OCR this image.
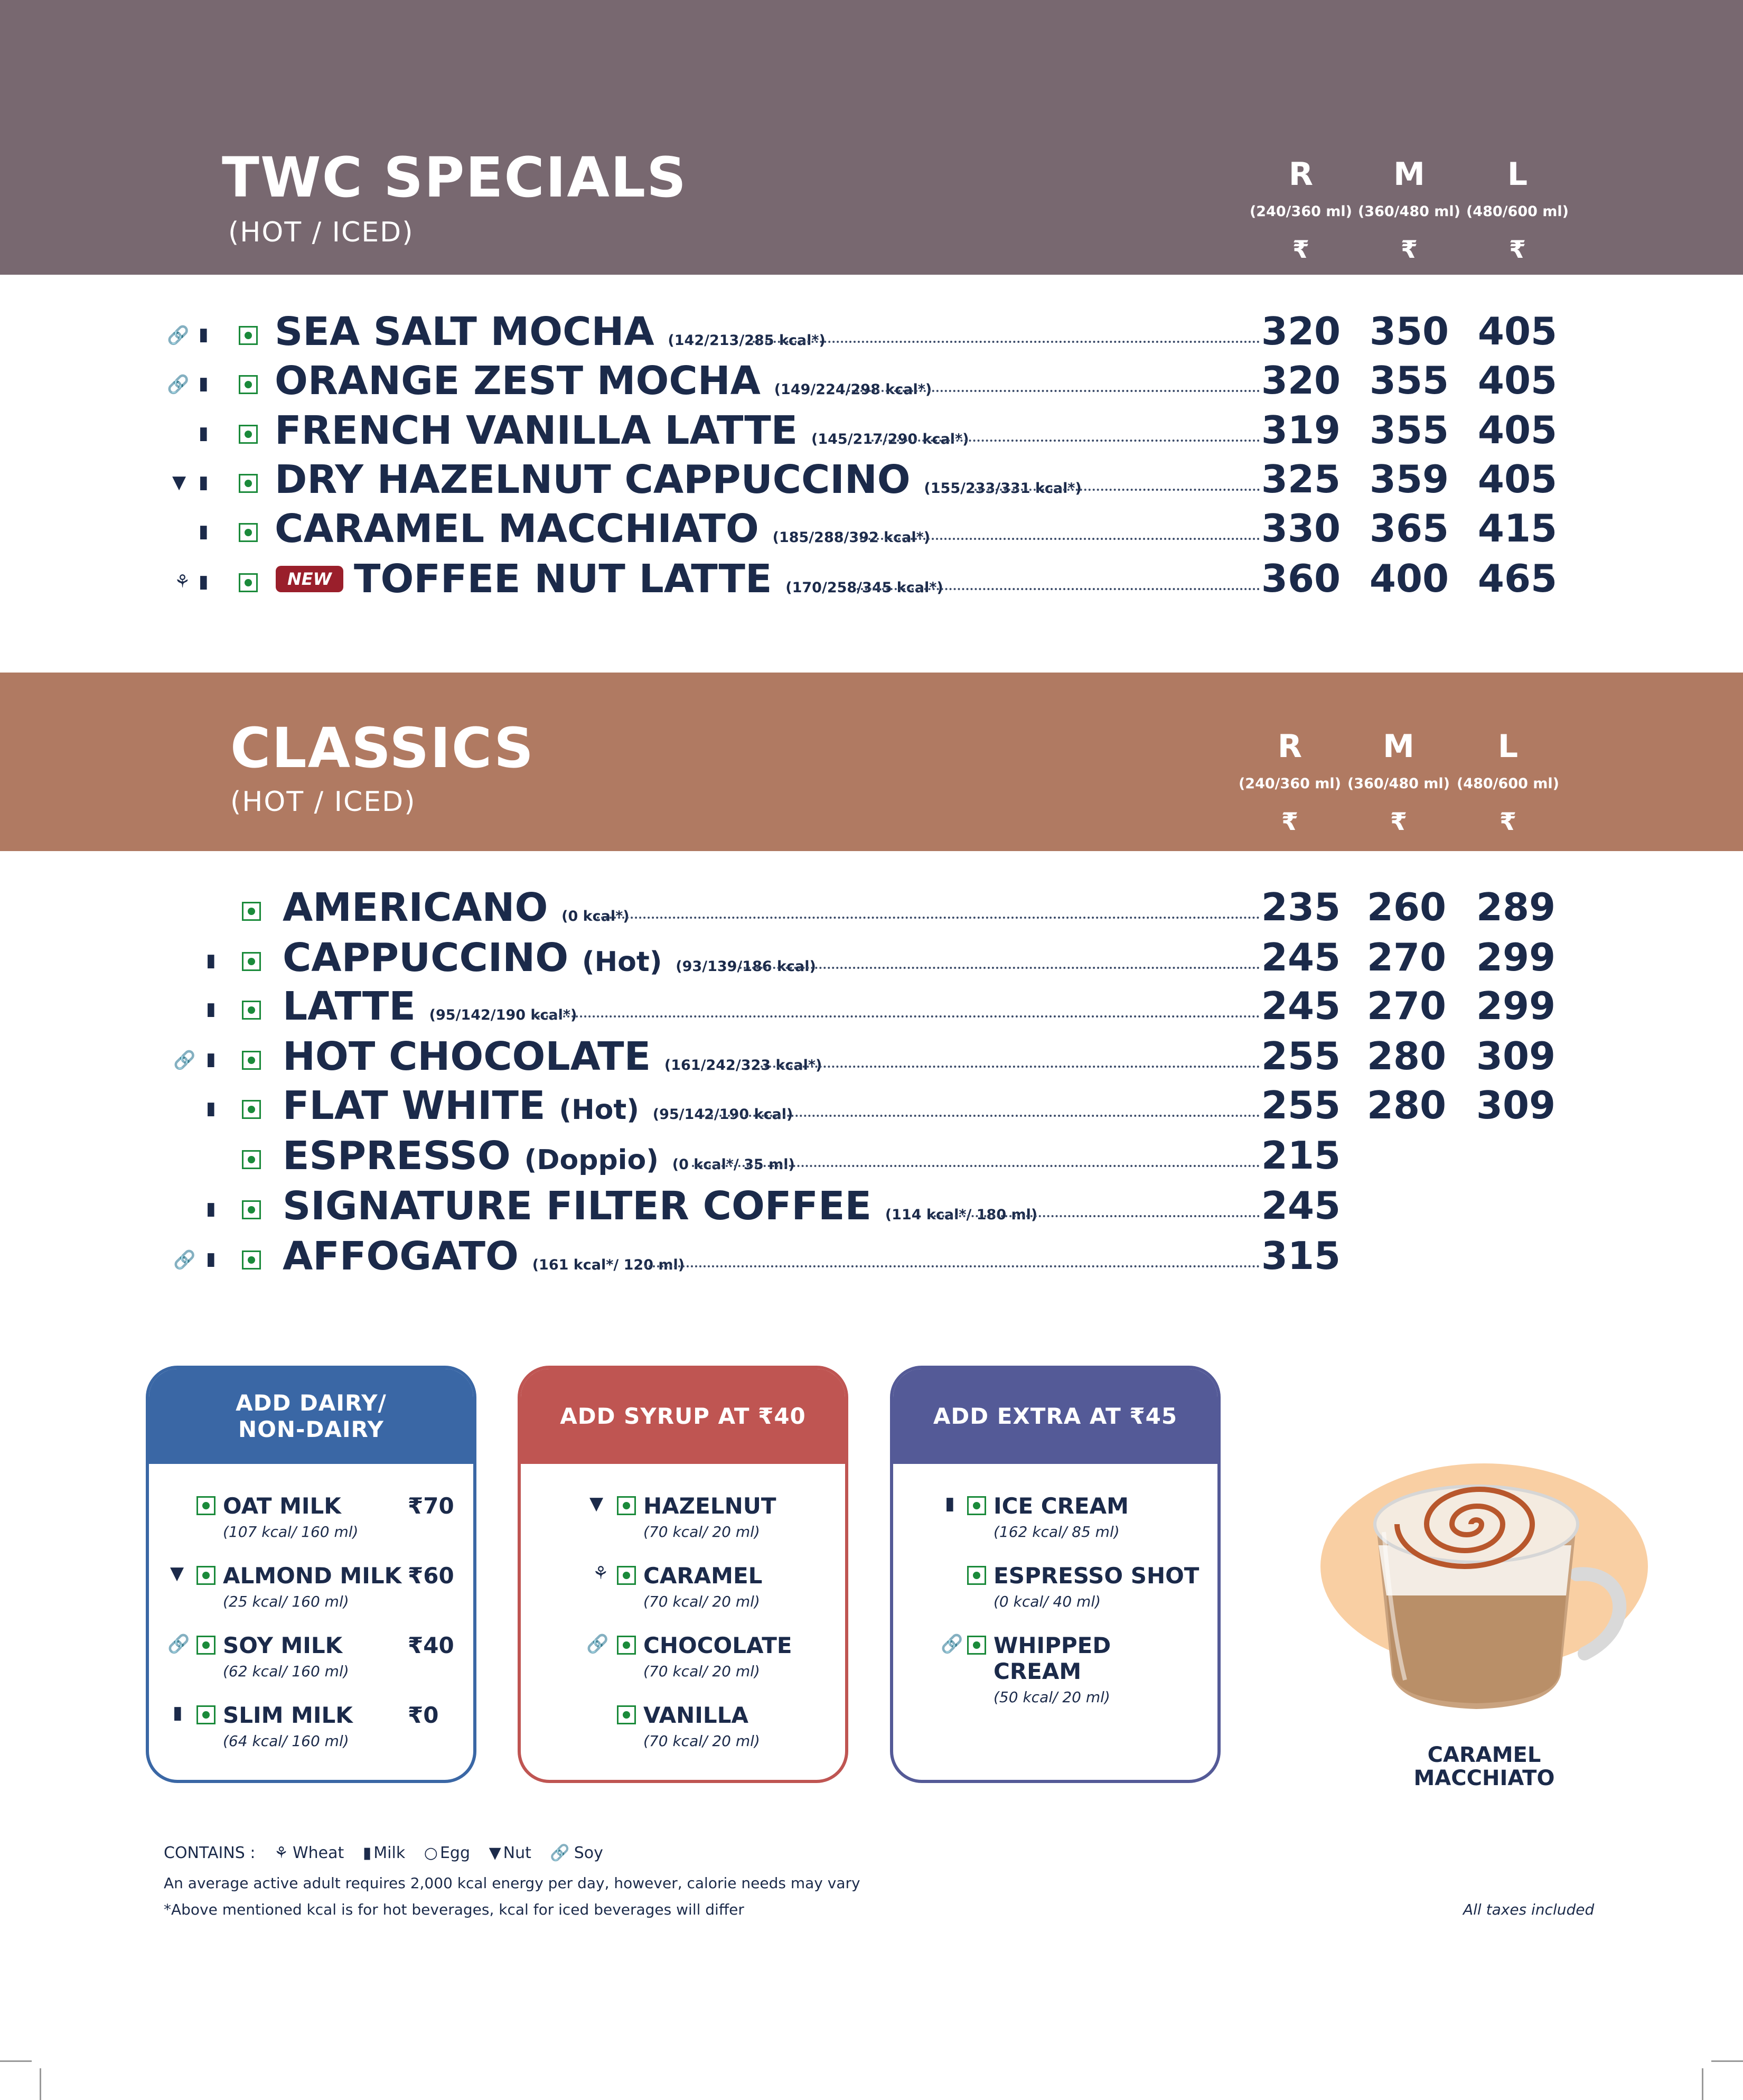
TWC SPECIALS
(HOT / ICED)
R
(240/360 ml)
₹
M
(360/480 ml)
₹
L
(480/600 ml)
₹
🔗 ▮ SEA SALT MOCHA (142/213/285 kcal*)	320 350 405
🔗 ▮ ORANGE ZEST MOCHA (149/224/298 kcal*)	320 355 405
▮ FRENCH VANILLA LATTE (145/217/290 kcal*)	319 355 405
▼ ▮ DRY HAZELNUT CAPPUCCINO (155/233/331 kcal*)	325 359 405
▮ CARAMEL MACCHIATO (185/288/392 kcal*)	330 365 415
⚘ ▮	NEW TOFFEE NUT LATTE (170/258/345 kcal*)	360 400 465
CLASSICS
(HOT / ICED)
R
(240/360 ml)
₹
M
(360/480 ml)
₹
L
(480/600 ml)
₹
AMERICANO (0 kcal*)	235 260 289
▮ CAPPUCCINO (Hot) (93/139/186 kcal)	245 270 299
▮ LATTE (95/142/190 kcal*)	245 270 299
🔗 ▮ HOT CHOCOLATE (161/242/323 kcal*)	255 280 309
▮ FLAT WHITE (Hot) (95/142/190 kcal)	255 280 309
ESPRESSO (Doppio) (0 kcal*/ 35 ml)	215
▮ SIGNATURE FILTER COFFEE (114 kcal*/ 180 ml)	245
🔗 ▮ AFFOGATO (161 kcal*/ 120 ml)	315
ADD DAIRY/
NON-DAIRY
OAT MILK
(107 kcal/ 160 ml)
₹70
▼ ALMOND MILK
(25 kcal/ 160 ml)
₹60
🔗 SOY MILK
(62 kcal/ 160 ml)
₹40
▮ SLIM MILK
(64 kcal/ 160 ml)
₹0
ADD SYRUP AT ₹40
▼ HAZELNUT
(70 kcal/ 20 ml)
⚘ CARAMEL
(70 kcal/ 20 ml)
🔗 CHOCOLATE
(70 kcal/ 20 ml)
VANILLA
(70 kcal/ 20 ml)
ADD EXTRA AT ₹45
▮ ICE CREAM
(162 kcal/ 85 ml)
ESPRESSO SHOT
(0 kcal/ 40 ml)
🔗 WHIPPED
CREAM
(50 kcal/ 20 ml)
CARAMEL
MACCHIATO
CONTAINS : ⚘ Wheat ▮ Milk ○ Egg ▼ Nut 🔗 Soy
An average active adult requires 2,000 kcal energy per day, however, calorie needs may vary
*Above mentioned kcal is for hot beverages, kcal for iced beverages will differ	All taxes included
